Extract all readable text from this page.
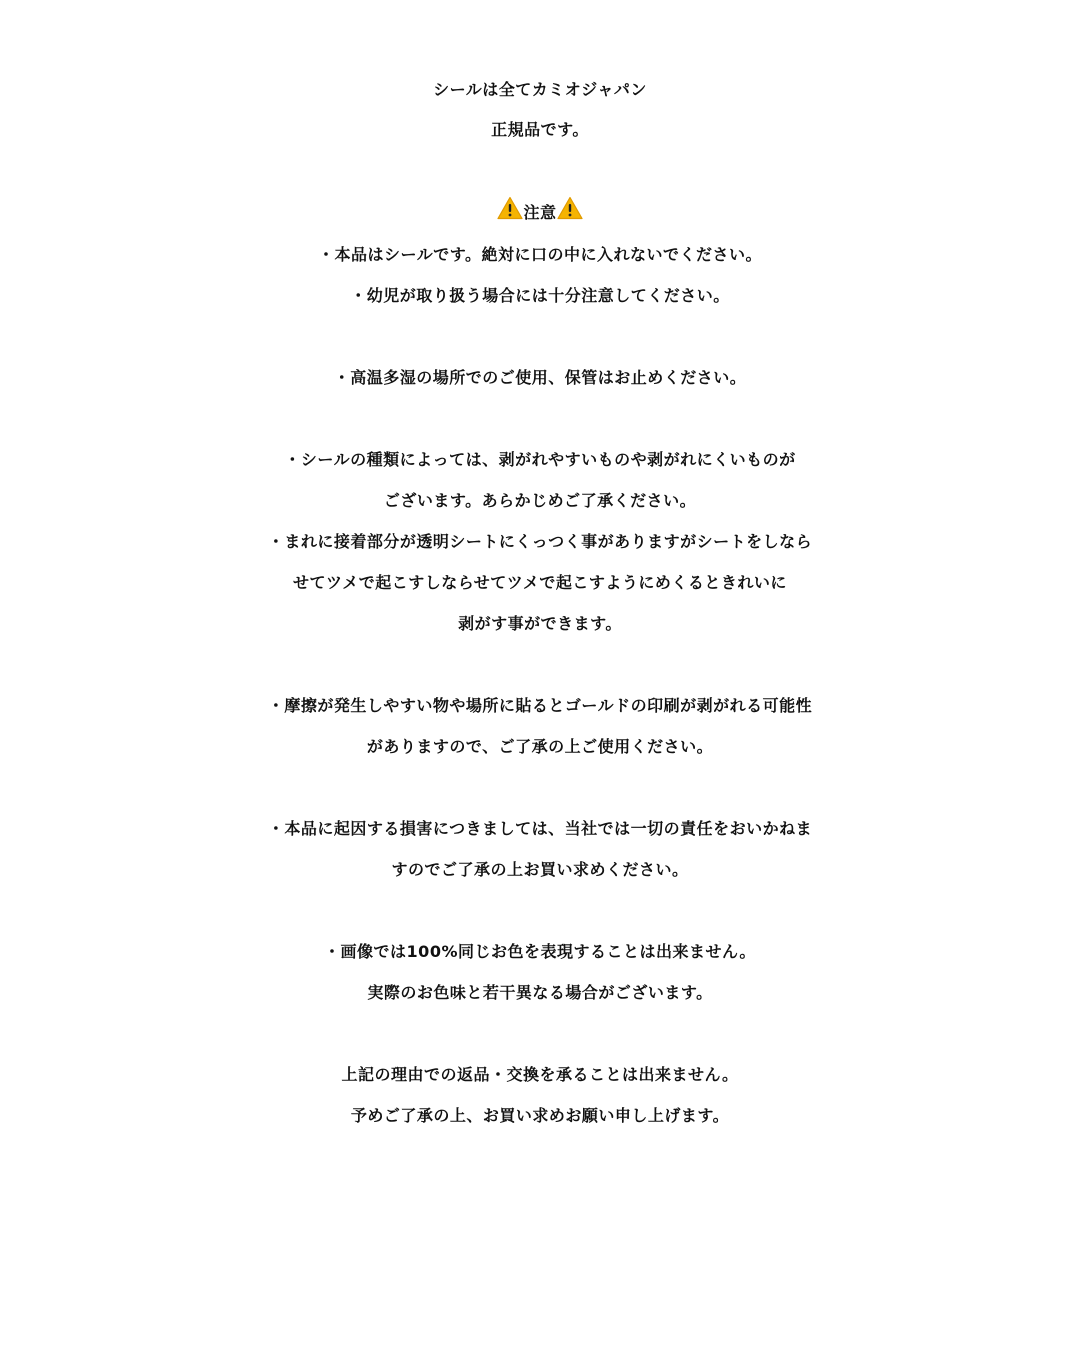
シールは全てカミオジャパン
正規品です。
注意
・本品はシールです。絶対に口の中に入れないでください。
・幼児が取り扱う場合には十分注意してください。
・高温多湿の場所でのご使用、保管はお止めください。
・シールの種類によっては、剥がれやすいものや剥がれにくいものが
ございます。あらかじめご了承ください。
・まれに接着部分が透明シートにくっつく事がありますがシートをしなら
せてツメで起こすしならせてツメで起こすようにめくるときれいに
剥がす事ができます。
・摩擦が発生しやすい物や場所に貼るとゴールドの印刷が剥がれる可能性
がありますので、ご了承の上ご使用ください。
・本品に起因する損害につきましては、当社では一切の責任をおいかねま
すのでご了承の上お買い求めください。
・画像では100%同じお色を表現することは出来ません。
実際のお色味と若干異なる場合がございます。
上記の理由での返品・交換を承ることは出来ません。
予めご了承の上、お買い求めお願い申し上げます。
